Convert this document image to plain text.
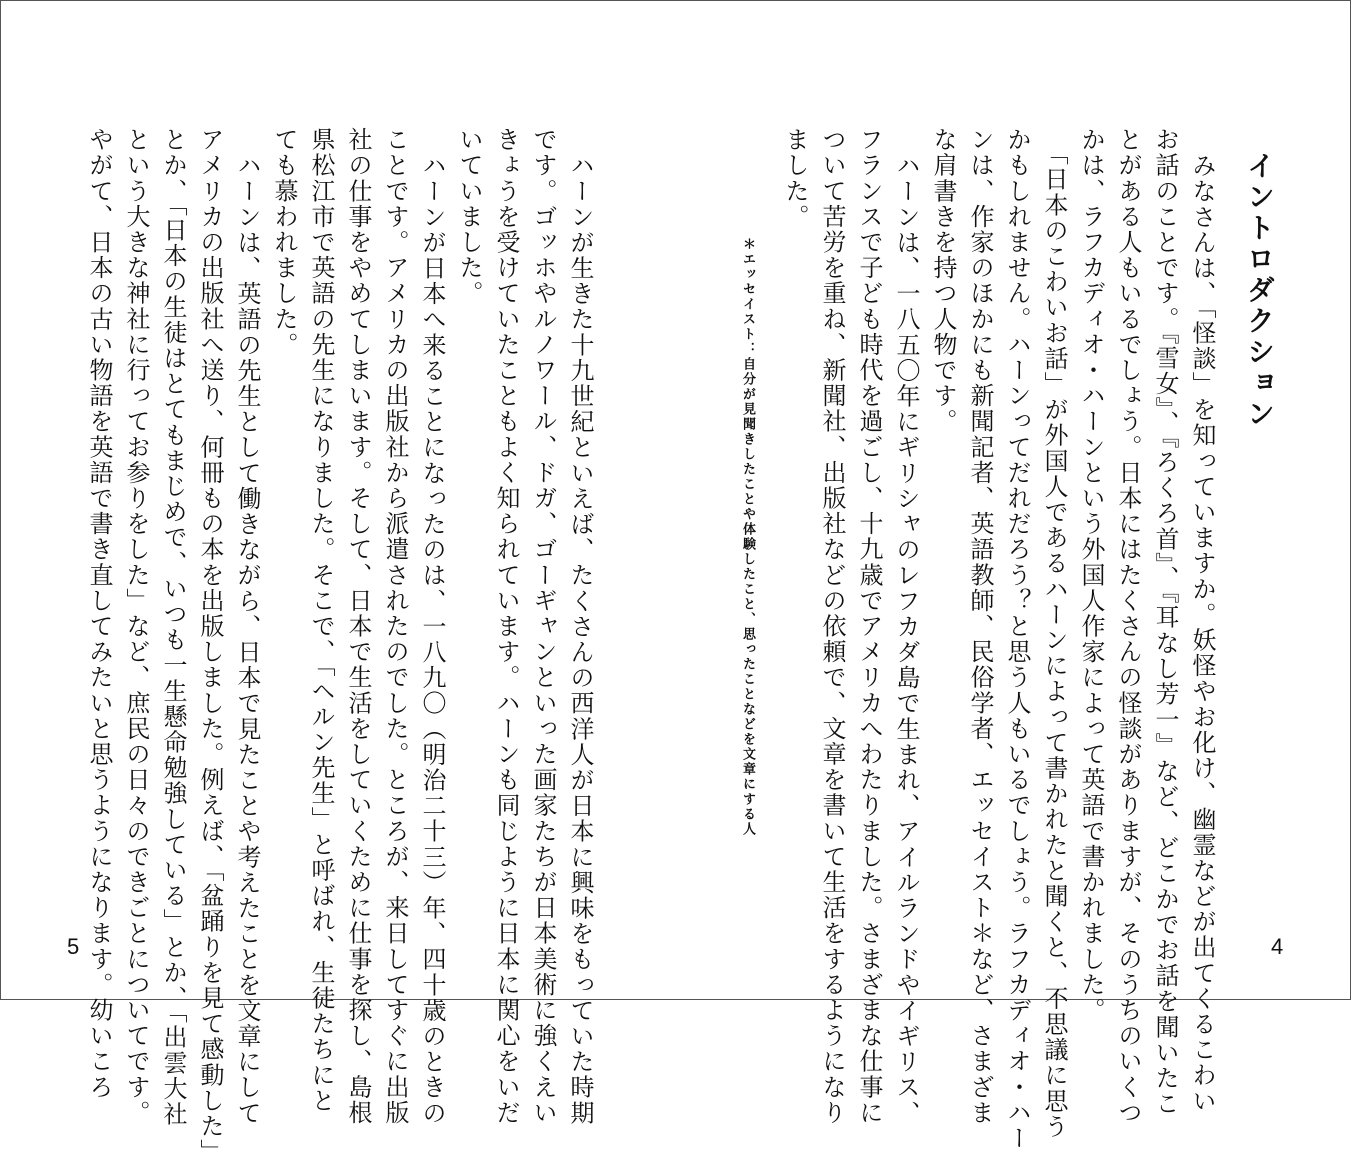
イントロダクション
みなさんは、「怪談」を知っていますか。妖怪やお化け、幽霊などが出てくるこわい
お話のことです。『雪女』、『ろくろ首』、『耳なし芳一』など、どこかでお話を聞いたこ
とがある人もいるでしょう。日本にはたくさんの怪談がありますが、そのうちのいくつ
かは、ラフカディオ・ハーンという外国人作家によって英語で書かれました。
「日本のこわいお話」が外国人であるハーンによって書かれたと聞くと、不思議に思う
かもしれません。ハーンってだれだろう？と思う人もいるでしょう。ラフカディオ・ハー
ンは、作家のほかにも新聞記者、英語教師、民俗学者、エッセイスト＊など、さまざま
な肩書きを持つ人物です。
ハーンは、一八五〇年にギリシャのレフカダ島で生まれ、アイルランドやイギリス、
フランスで子ども時代を過ごし、十九歳でアメリカへわたりました。さまざまな仕事に
ついて苦労を重ね、新聞社、出版社などの依頼で、文章を書いて生活をするようになり
ました。
＊エッセイスト：自分が見聞きしたことや体験したこと、思ったことなどを文章にする人
4
ハーンが生きた十九世紀といえば、たくさんの西洋人が日本に興味をもっていた時期
です。ゴッホやルノワール、ドガ、ゴーギャンといった画家たちが日本美術に強くえい
きょうを受けていたこともよく知られています。ハーンも同じように日本に関心をいだ
いていました。
ハーンが日本へ来ることになったのは、一八九〇（明治二十三）年、四十歳のときの
ことです。アメリカの出版社から派遣されたのでした。ところが、来日してすぐに出版
社の仕事をやめてしまいます。そして、日本で生活をしていくために仕事を探し、島根
県松江市で英語の先生になりました。そこで、「ヘルン先生」と呼ばれ、生徒たちにと
ても慕われました。
ハーンは、英語の先生として働きながら、日本で見たことや考えたことを文章にして
アメリカの出版社へ送り、何冊もの本を出版しました。例えば、「盆踊りを見て感動した」
とか、「日本の生徒はとてもまじめで、いつも一生懸命勉強している」とか、「出雲大社
という大きな神社に行ってお参りをした」など、庶民の日々のできごとについてです。
やがて、日本の古い物語を英語で書き直してみたいと思うようになります。幼いころ
5
